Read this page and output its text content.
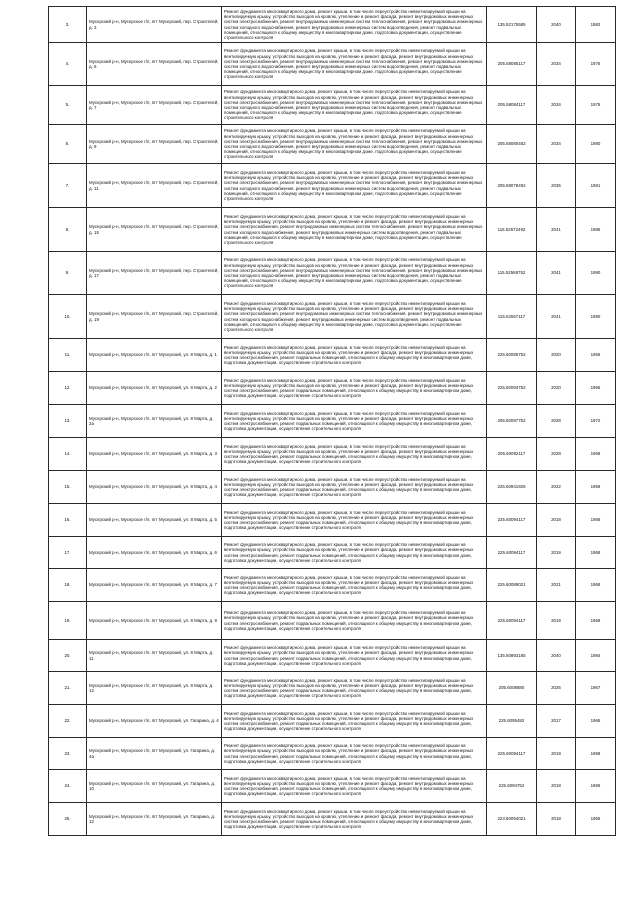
3.	Мусерский р-н, Мусерское г/п, пгт Мусерский, пер. Строителей, д. 3	Ремонт фундамента многоквартирного дома, ремонт крыши, в том числе переустройство невентилируемой крыши на вентилируемую крышу, устройство выходов на кровлю, утепление и ремонт фасада, ремонт внутридомовых инженерных систем электроснабжения, ремонт внутридомовых инженерных систем теплоснабжения, ремонт внутридомовых инженерных систем холодного водоснабжения, ремонт внутридомовых инженерных систем водоотведения, ремонт подвальных помещений, относящихся к общему имуществу в многоквартирном доме, подготовка документации, осуществление строительного контроля	135.52175585	2040	1982
4.	Мусерский р-н, Мусерское г/п, пгт Мусерский, пер. Строителей, д. 5	Ремонт фундамента многоквартирного дома, ремонт крыши, в том числе переустройство невентилируемой крыши на вентилируемую крышу, устройство выходов на кровлю, утепление и ремонт фасада, ремонт внутридомовых инженерных систем электроснабжения, ремонт внутридомовых инженерных систем теплоснабжения, ремонт внутридомовых инженерных систем холодного водоснабжения, ремонт внутридомовых инженерных систем водоотведения, ремонт подвальных помещений, относящихся к общему имуществу в многоквартирном доме, подготовка документации, осуществление строительного контроля	205.58085117	2034	1976
5.	Мусерский р-н, Мусерское г/п, пгт Мусерский, пер. Строителей, д. 7	Ремонт фундамента многоквартирного дома, ремонт крыши, в том числе переустройство невентилируемой крыши на вентилируемую крышу, устройство выходов на кровлю, утепление и ремонт фасада, ремонт внутридомовых инженерных систем электроснабжения, ремонт внутридомовых инженерных систем теплоснабжения, ремонт внутридомовых инженерных систем холодного водоснабжения, ремонт внутридомовых инженерных систем водоотведения, ремонт подвальных помещений, относящихся к общему имуществу в многоквартирном доме, подготовка документации, осуществление строительного контроля	205.58084117	2034	1976
6.	Мусерский р-н, Мусерское г/п, пгт Мусерский, пер. Строителей, д. 9	Ремонт фундамента многоквартирного дома, ремонт крыши, в том числе переустройство невентилируемой крыши на вентилируемую крышу, устройство выходов на кровлю, утепление и ремонт фасада, ремонт внутридомовых инженерных систем электроснабжения, ремонт внутридомовых инженерных систем теплоснабжения, ремонт внутридомовых инженерных систем холодного водоснабжения, ремонт внутридомовых инженерных систем водоотведения, ремонт подвальных помещений, относящихся к общему имуществу в многоквартирном доме, подготовка документации, осуществление строительного контроля	205.58080482	2034	1980
7.	Мусерский р-н, Мусерское г/п, пгт Мусерский, пер. Строителей, д. 11	Ремонт фундамента многоквартирного дома, ремонт крыши, в том числе переустройство невентилируемой крыши на вентилируемую крышу, устройство выходов на кровлю, утепление и ремонт фасада, ремонт внутридомовых инженерных систем электроснабжения, ремонт внутридомовых инженерных систем теплоснабжения, ремонт внутридомовых инженерных систем холодного водоснабжения, ремонт внутридомовых инженерных систем водоотведения, ремонт подвальных помещений, относящихся к общему имуществу в многоквартирном доме, подготовка документации, осуществление строительного контроля	205.58078492	2036	1981
8.	Мусерский р-н, Мусерское г/п, пгт Мусерский, пер. Строителей, д. 15	Ремонт фундамента многоквартирного дома, ремонт крыши, в том числе переустройство невентилируемой крыши на вентилируемую крышу, устройство выходов на кровлю, утепление и ремонт фасада, ремонт внутридомовых инженерных систем электроснабжения, ремонт внутридомовых инженерных систем теплоснабжения, ремонт внутридомовых инженерных систем холодного водоснабжения, ремонт внутридомовых инженерных систем водоотведения, ремонт подвальных помещений, относящихся к общему имуществу в многоквартирном доме, подготовка документации, осуществление строительного контроля	115.52572492	2041	1985
9.	Мусерский р-н, Мусерское г/п, пгт Мусерский, пер. Строителей, д. 17	Ремонт фундамента многоквартирного дома, ремонт крыши, в том числе переустройство невентилируемой крыши на вентилируемую крышу, устройство выходов на кровлю, утепление и ремонт фасада, ремонт внутридомовых инженерных систем электроснабжения, ремонт внутридомовых инженерных систем теплоснабжения, ремонт внутридомовых инженерных систем холодного водоснабжения, ремонт внутридомовых инженерных систем водоотведения, ремонт подвальных помещений, относящихся к общему имуществу в многоквартирном доме, подготовка документации, осуществление строительного контроля	115.52569752	2041	1990
10.	Мусерский р-н, Мусерское г/п, пгт Мусерский, пер. Строителей, д. 19	Ремонт фундамента многоквартирного дома, ремонт крыши, в том числе переустройство невентилируемой крыши на вентилируемую крышу, устройство выходов на кровлю, утепление и ремонт фасада, ремонт внутридомовых инженерных систем электроснабжения, ремонт внутридомовых инженерных систем теплоснабжения, ремонт внутридомовых инженерных систем холодного водоснабжения, ремонт внутридомовых инженерных систем водоотведения, ремонт подвальных помещений, относящихся к общему имуществу в многоквартирном доме, подготовка документации, осуществление строительного контроля	115.52567117	2041	1990
11.	Мусерский р-н, Мусерское г/п, пгт Мусерский, ул. 8 Марта, д. 1	Ремонт фундамента многоквартирного дома, ремонт крыши, в том числе переустройство невентилируемой крыши на вентилируемую крышу, устройство выходов на кровлю, утепление и ремонт фасада, ремонт внутридомовых инженерных систем электроснабжения, ремонт подвальных помещений, относящихся к общему имуществу в многоквартирном доме, подготовка документации, осуществление строительного контроля	225.60085752	2020	1966
12.	Мусерский р-н, Мусерское г/п, пгт Мусерский, ул. 8 Марта, д. 2	Ремонт фундамента многоквартирного дома, ремонт крыши, в том числе переустройство невентилируемой крыши на вентилируемую крышу, устройство выходов на кровлю, утепление и ремонт фасада, ремонт внутридомовых инженерных систем электроснабжения, ремонт подвальных помещений, относящихся к общему имуществу в многоквартирном доме, подготовка документации, осуществление строительного контроля	225.60093752	2020	1966
13.	Мусерский р-н, Мусерское г/п, пгт Мусерский, ул. 8 Марта, д. 2а	Ремонт фундамента многоквартирного дома, ремонт крыши, в том числе переустройство невентилируемой крыши на вентилируемую крышу, устройство выходов на кровлю, утепление и ремонт фасада, ремонт внутридомовых инженерных систем электроснабжения, ремонт подвальных помещений, относящихся к общему имуществу в многоквартирном доме, подготовка документации, осуществление строительного контроля	205.60087752	2028	1972
14.	Мусерский р-н, Мусерское г/п, пгт Мусерский, ул. 8 Марта, д. 3	Ремонт фундамента многоквартирного дома, ремонт крыши, в том числе переустройство невентилируемой крыши на вентилируемую крышу, устройство выходов на кровлю, утепление и ремонт фасада, ремонт внутридомовых инженерных систем электроснабжения, ремонт подвальных помещений, относящихся к общему имуществу в многоквартирном доме, подготовка документации, осуществление строительного контроля	205.60092117	2028	1968
15.	Мусерский р-н, Мусерское г/п, пгт Мусерский, ул. 8 Марта, д. 4	Ремонт фундамента многоквартирного дома, ремонт крыши, в том числе переустройство невентилируемой крыши на вентилируемую крышу, устройство выходов на кровлю, утепление и ремонт фасада, ремонт внутридомовых инженерных систем электроснабжения, ремонт подвальных помещений, относящихся к общему имуществу в многоквартирном доме, подготовка документации, осуществление строительного контроля	225.60941926	2022	1969
16.	Мусерский р-н, Мусерское г/п, пгт Мусерский, ул. 8 Марта, д. 5	Ремонт фундамента многоквартирного дома, ремонт крыши, в том числе переустройство невентилируемой крыши на вентилируемую крышу, устройство выходов на кровлю, утепление и ремонт фасада, ремонт внутридомовых инженерных систем электроснабжения, ремонт подвальных помещений, относящихся к общему имуществу в многоквартирном доме, подготовка документации, осуществление строительного контроля	225.60094117	2018	1968
17.	Мусерский р-н, Мусерское г/п, пгт Мусерский, ул. 8 Марта, д. 6	Ремонт фундамента многоквартирного дома, ремонт крыши, в том числе переустройство невентилируемой крыши на вентилируемую крышу, устройство выходов на кровлю, утепление и ремонт фасада, ремонт внутридомовых инженерных систем электроснабжения, ремонт подвальных помещений, относящихся к общему имуществу в многоквартирном доме, подготовка документации, осуществление строительного контроля	225.60094117	2019	1968
18.	Мусерский р-н, Мусерское г/п, пгт Мусерский, ул. 8 Марта, д. 7	Ремонт фундамента многоквартирного дома, ремонт крыши, в том числе переустройство невентилируемой крыши на вентилируемую крышу, устройство выходов на кровлю, утепление и ремонт фасада, ремонт внутридомовых инженерных систем электроснабжения, ремонт подвальных помещений, относящихся к общему имуществу в многоквартирном доме, подготовка документации, осуществление строительного контроля	225.60089021	2021	1968
19.	Мусерский р-н, Мусерское г/п, пгт Мусерский, ул. 8 Марта, д. 9	Ремонт фундамента многоквартирного дома, ремонт крыши, в том числе переустройство невентилируемой крыши на вентилируемую крышу, устройство выходов на кровлю, утепление и ремонт фасада, ремонт внутридомовых инженерных систем электроснабжения, ремонт подвальных помещений, относящихся к общему имуществу в многоквартирном доме, подготовка документации, осуществление строительного контроля	225.60094117	2019	1969
20.	Мусерский р-н, Мусерское г/п, пгт Мусерский, ул. 8 Марта, д. 11	Ремонт фундамента многоквартирного дома, ремонт крыши, в том числе переустройство невентилируемой крыши на вентилируемую крышу, устройство выходов на кровлю, утепление и ремонт фасада, ремонт внутридомовых инженерных систем электроснабжения, ремонт подвальных помещений, относящихся к общему имуществу в многоквартирном доме, подготовка документации, осуществление строительного контроля	135.50893185	2040	1984
21.	Мусерский р-н, Мусерское г/п, пгт Мусерский, ул. 8 Марта, д. 12	Ремонт фундамента многоквартирного дома, ремонт крыши, в том числе переустройство невентилируемой крыши на вентилируемую крышу, устройство выходов на кровлю, утепление и ремонт фасада, ремонт внутридомовых инженерных систем электроснабжения, ремонт подвальных помещений, относящихся к общему имуществу в многоквартирном доме, подготовка документации, осуществление строительного контроля	205.6008880	2026	1967
22.	Мусерский р-н, Мусерское г/п, пгт Мусерский, ул. Гагарина, д. 4	Ремонт фундамента многоквартирного дома, ремонт крыши, в том числе переустройство невентилируемой крыши на вентилируемую крышу, устройство выходов на кровлю, утепление и ремонт фасада, ремонт внутридомовых инженерных систем электроснабжения, ремонт подвальных помещений, относящихся к общему имуществу в многоквартирном доме, подготовка документации, осуществление строительного контроля	225.6095482	2017	1965
23.	Мусерский р-н, Мусерское г/п, пгт Мусерский, ул. Гагарина, д. 4а	Ремонт фундамента многоквартирного дома, ремонт крыши, в том числе переустройство невентилируемой крыши на вентилируемую крышу, устройство выходов на кровлю, утепление и ремонт фасада, ремонт внутридомовых инженерных систем электроснабжения, ремонт подвальных помещений, относящихся к общему имуществу в многоквартирном доме, подготовка документации, осуществление строительного контроля	225.60094117	2019	1968
24.	Мусерский р-н, Мусерское г/п, пгт Мусерский, ул. Гагарина, д. 10	Ремонт фундамента многоквартирного дома, ремонт крыши, в том числе переустройство невентилируемой крыши на вентилируемую крышу, устройство выходов на кровлю, утепление и ремонт фасада, ремонт внутридомовых инженерных систем электроснабжения, ремонт подвальных помещений, относящихся к общему имуществу в многоквартирном доме, подготовка документации, осуществление строительного контроля	225.6094752	2018	1965
25.	Мусерский р-н, Мусерское г/п, пгт Мусерский, ул. Гагарина, д. 12	Ремонт фундамента многоквартирного дома, ремонт крыши, в том числе переустройство невентилируемой крыши на вентилируемую крышу, устройство выходов на кровлю, утепление и ремонт фасада, ремонт внутридомовых инженерных систем электроснабжения, ремонт подвальных помещений, относящихся к общему имуществу в многоквартирном доме, подготовка документации, осуществление строительного контроля	223.60094021	2018	1965
